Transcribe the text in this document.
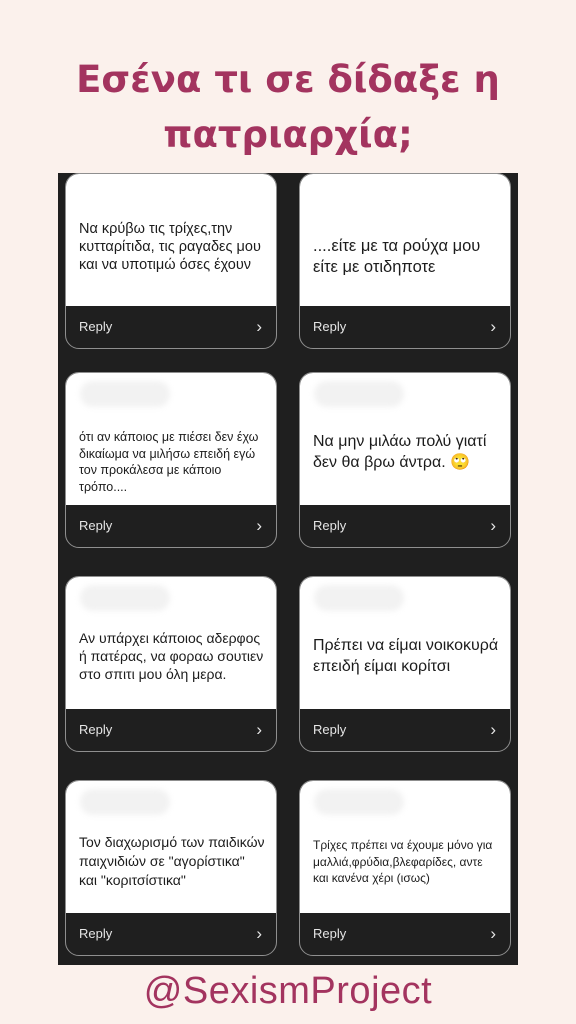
Εσένα τι σε δίδαξε η πατριαρχία;
Να κρύβω τις τρίχες,την κυτταρίτιδα, τις ραγαδες μου και να υποτιμώ όσες έχουν
Reply	›
....είτε με τα ρούχα μου είτε με οτιδηποτε
Reply	›
ότι αν κάποιος με πιέσει δεν έχω δικαίωμα να μιλήσω επειδή εγώ τον προκάλεσα με κάποιο τρόπο....
Reply	›
Να μην μιλάω πολύ γιατί δεν θα βρω άντρα. 🙄
Reply	›
Αν υπάρχει κάποιος αδερφος ή πατέρας, να φοραω σουτιεν στο σπιτι μου όλη μερα.
Reply	›
Πρέπει να είμαι νοικοκυρά επειδή είμαι κορίτσι
Reply	›
Τον διαχωρισμό των παιδικών παιχνιδιών σε "αγορίστικα" και "κοριτσίστικα"
Reply	›
Τρίχες πρέπει να έχουμε μόνο για μαλλιά,φρύδια,βλεφαρίδες, αντε και κανένα χέρι (ισως)
Reply	›
@SexismProject
